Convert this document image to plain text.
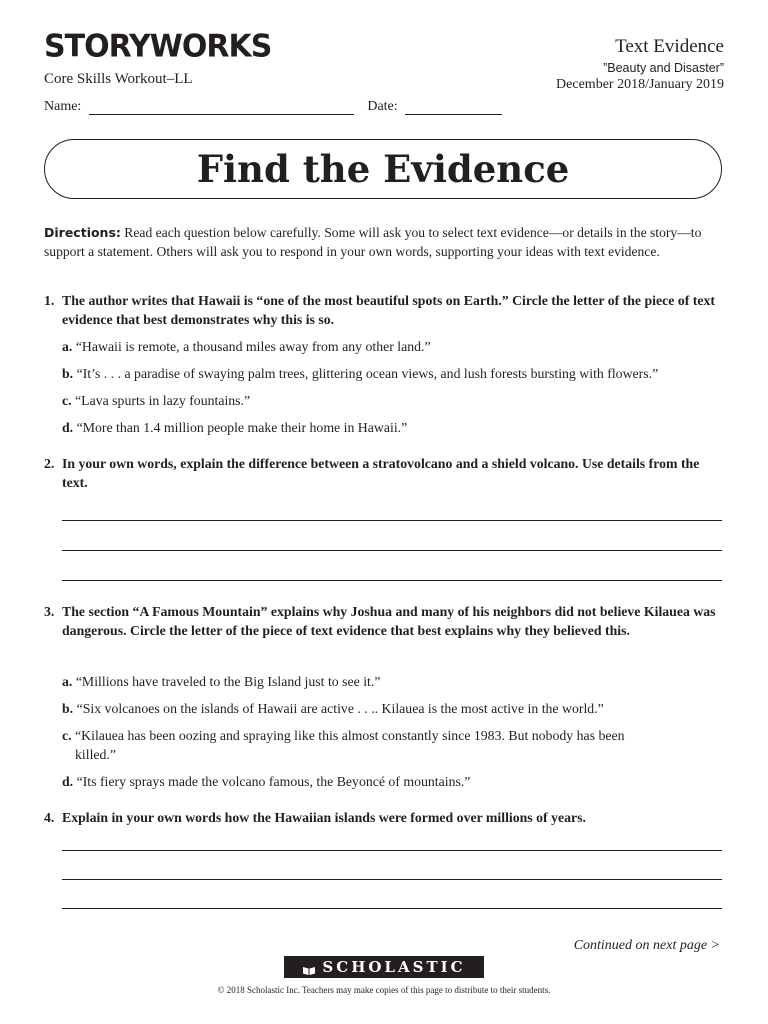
STORYWORKS
Core Skills Workout–LL
Text Evidence
”Beauty and Disaster”
December 2018/January 2019
Name:	Date:
Find the Evidence
Directions: Read each question below carefully. Some will ask you to select text evidence—or details in the story—to support a statement. Others will ask you to respond in your own words, supporting your ideas with text evidence.
1. The author writes that Hawaii is “one of the most beautiful spots on Earth.” Circle the letter of the piece of text evidence that best demonstrates why this is so.
a. “Hawaii is remote, a thousand miles away from any other land.”
b. “It’s . . . a paradise of swaying palm trees, glittering ocean views, and lush forests bursting with flowers.”
c. “Lava spurts in lazy fountains.”
d. “More than 1.4 million people make their home in Hawaii.”
2. In your own words, explain the difference between a stratovolcano and a shield volcano. Use details from the text.
3. The section “A Famous Mountain” explains why Joshua and many of his neighbors did not believe Kilauea was dangerous. Circle the letter of the piece of text evidence that best explains why they believed this.
a. “Millions have traveled to the Big Island just to see it.”
b. “Six volcanoes on the islands of Hawaii are active . . .. Kilauea is the most active in the world.”
c. “Kilauea has been oozing and spraying like this almost constantly since 1983. But nobody has been
killed.”
d. “Its fiery sprays made the volcano famous, the Beyoncé of mountains.”
4. Explain in your own words how the Hawaiian islands were formed over millions of years.
Continued on next page >
SCHOLASTIC
© 2018 Scholastic Inc. Teachers may make copies of this page to distribute to their students.
